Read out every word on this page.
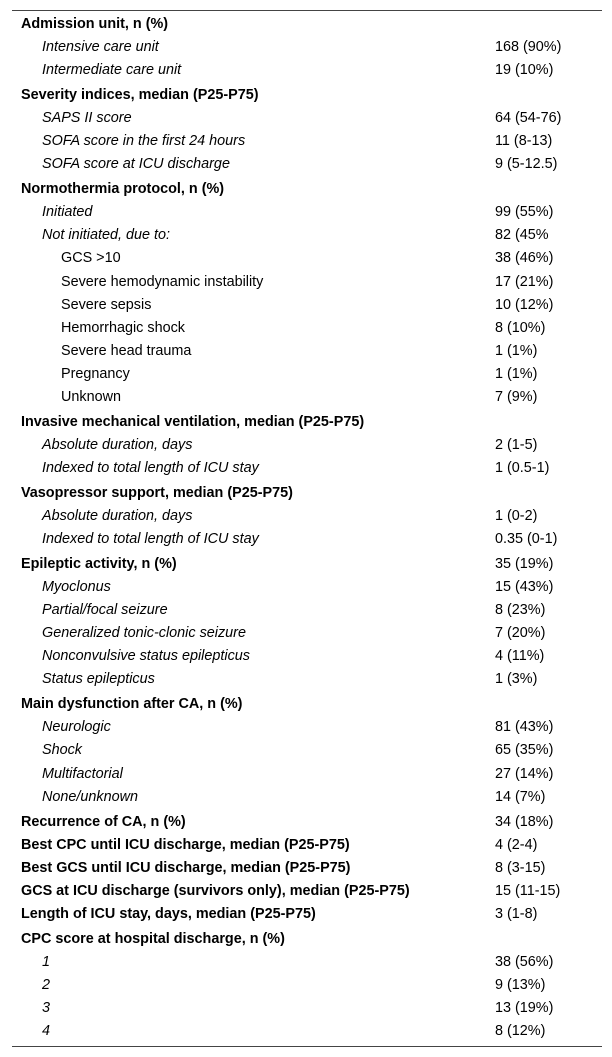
Admission unit, n (%)	
Intensive care unit	168 (90%)
Intermediate care unit	19 (10%)
Severity indices, median (P25-P75)	
SAPS II score	64 (54-76)
SOFA score in the first 24 hours	11 (8-13)
SOFA score at ICU discharge	9 (5-12.5)
Normothermia protocol, n (%)	
Initiated	99 (55%)
Not initiated, due to:	82 (45%
GCS >10	38 (46%)
Severe hemodynamic instability	17 (21%)
Severe sepsis	10 (12%)
Hemorrhagic shock	8 (10%)
Severe head trauma	1 (1%)
Pregnancy	1 (1%)
Unknown	7 (9%)
Invasive mechanical ventilation, median (P25-P75)	
Absolute duration, days	2 (1-5)
Indexed to total length of ICU stay	1 (0.5-1)
Vasopressor support, median (P25-P75)	
Absolute duration, days	1 (0-2)
Indexed to total length of ICU stay	0.35 (0-1)
Epileptic activity, n (%)	35 (19%)
Myoclonus	15 (43%)
Partial/focal seizure	8 (23%)
Generalized tonic-clonic seizure	7 (20%)
Nonconvulsive status epilepticus	4 (11%)
Status epilepticus	1 (3%)
Main dysfunction after CA, n (%)	
Neurologic	81 (43%)
Shock	65 (35%)
Multifactorial	27 (14%)
None/unknown	14 (7%)
Recurrence of CA, n (%)	34 (18%)
Best CPC until ICU discharge, median (P25-P75)	4 (2-4)
Best GCS until ICU discharge, median (P25-P75)	8 (3-15)
GCS at ICU discharge (survivors only), median (P25-P75)	15 (11-15)
Length of ICU stay, days, median (P25-P75)	3 (1-8)
CPC score at hospital discharge, n (%)	
1	38 (56%)
2	9 (13%)
3	13 (19%)
4	8 (12%)
